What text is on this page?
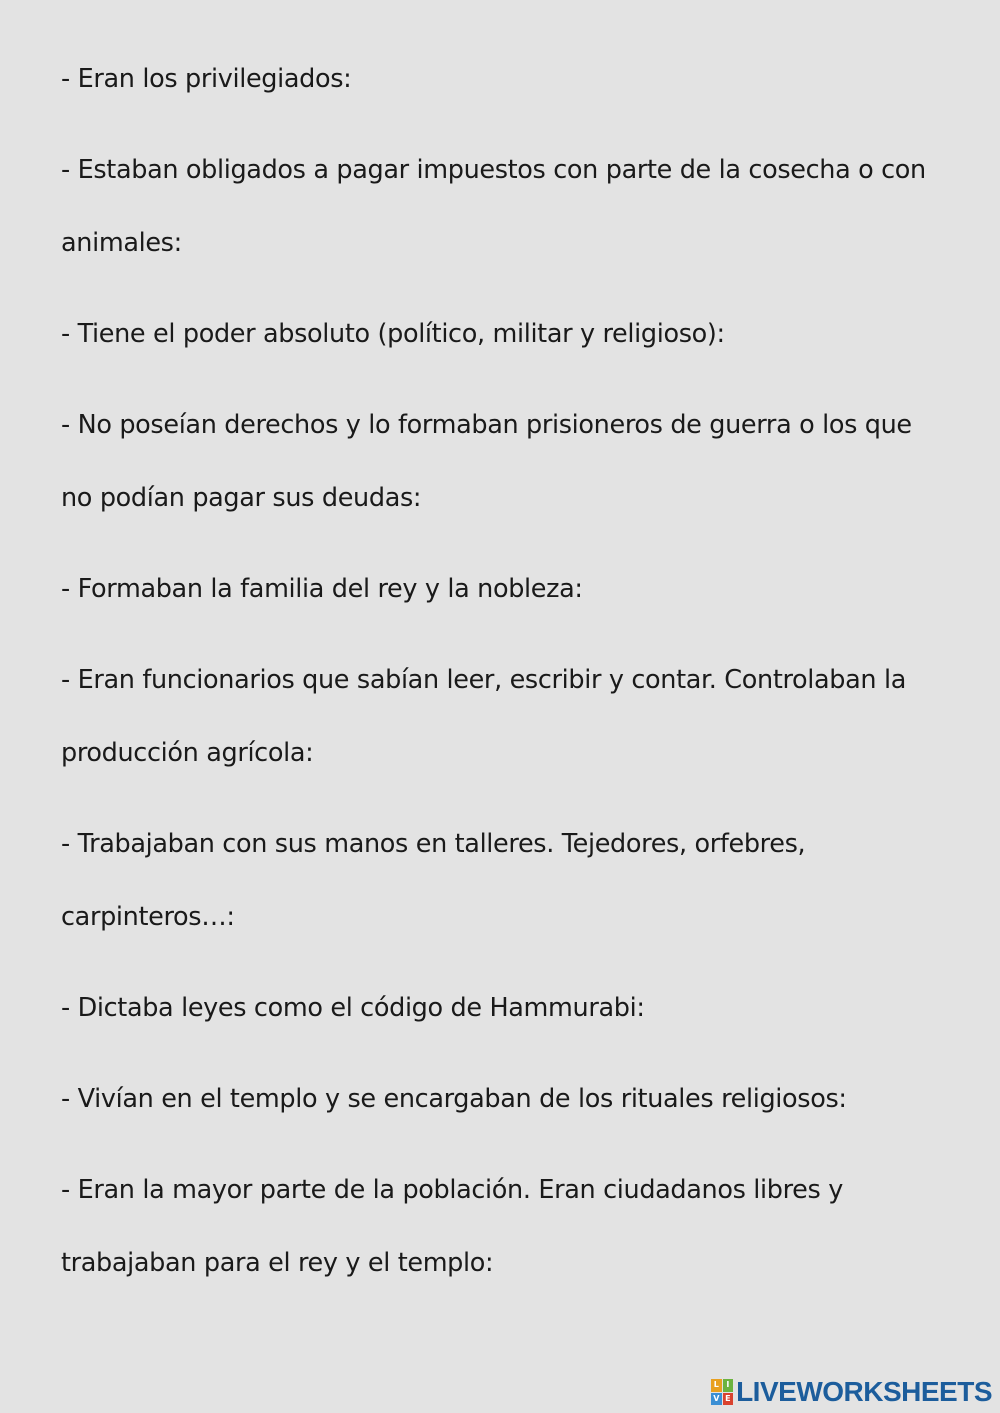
- Eran los privilegiados:
- Estaban obligados a pagar impuestos con parte de la cosecha o con
animales:
- Tiene el poder absoluto (político, militar y religioso):
- No poseían derechos y lo formaban prisioneros de guerra o los que
no podían pagar sus deudas:
- Formaban la familia del rey y la nobleza:
- Eran funcionarios que sabían leer, escribir y contar. Controlaban la
producción agrícola:
- Trabajaban con sus manos en talleres. Tejedores, orfebres,
carpinteros…:
- Dictaba leyes como el código de Hammurabi:
- Vivían en el templo y se encargaban de los rituales religiosos:
- Eran la mayor parte de la población. Eran ciudadanos libres y
trabajaban para el rey y el templo:
L I
V E LIVEWORKSHEETS
